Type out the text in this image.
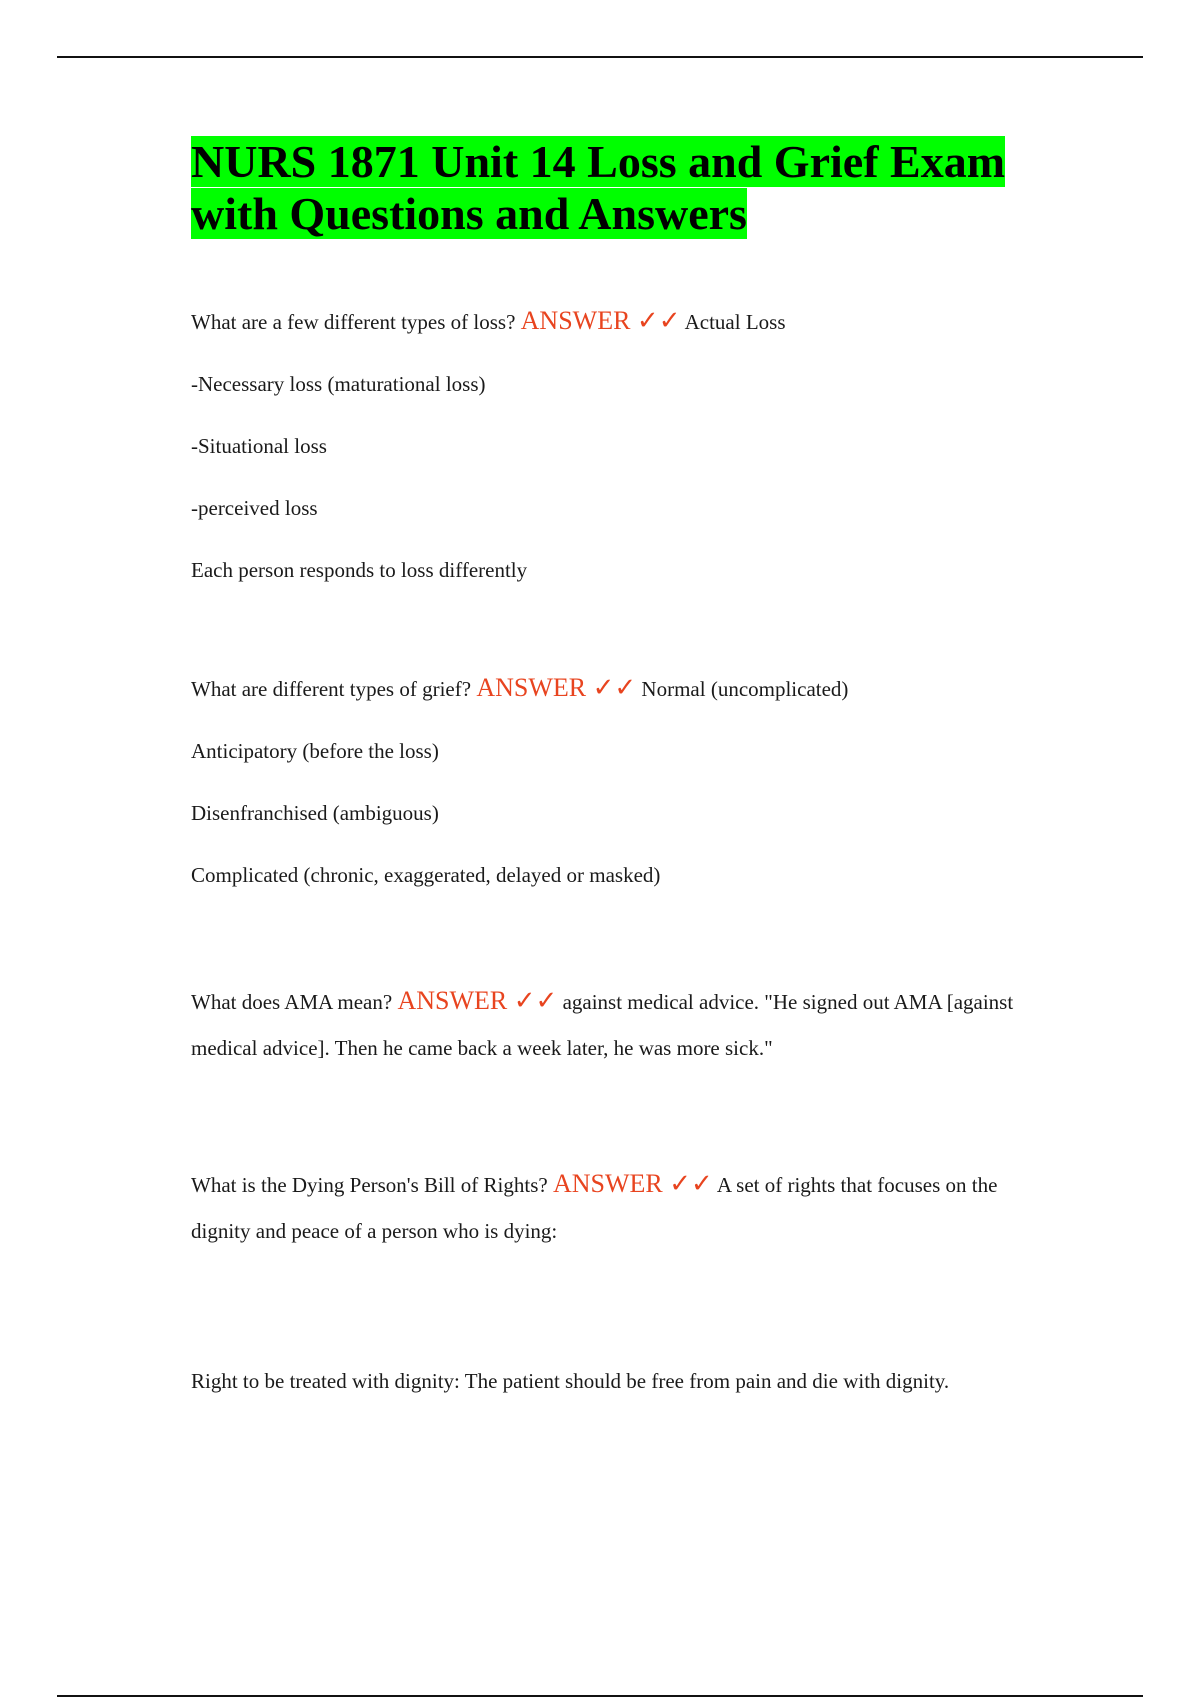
NURS 1871 Unit 14 Loss and Grief Exam with Questions and Answers

What are a few different types of loss? ANSWER ✓✓ Actual Loss

-Necessary loss (maturational loss)

-Situational loss

-perceived loss

Each person responds to loss differently

What are different types of grief? ANSWER ✓✓ Normal (uncomplicated)

Anticipatory (before the loss)

Disenfranchised (ambiguous)

Complicated (chronic, exaggerated, delayed or masked)

What does AMA mean? ANSWER ✓✓ against medical advice. "He signed out AMA [against medical advice]. Then he came back a week later, he was more sick."

What is the Dying Person's Bill of Rights? ANSWER ✓✓ A set of rights that focuses on the dignity and peace of a person who is dying:

Right to be treated with dignity: The patient should be free from pain and die with dignity.
